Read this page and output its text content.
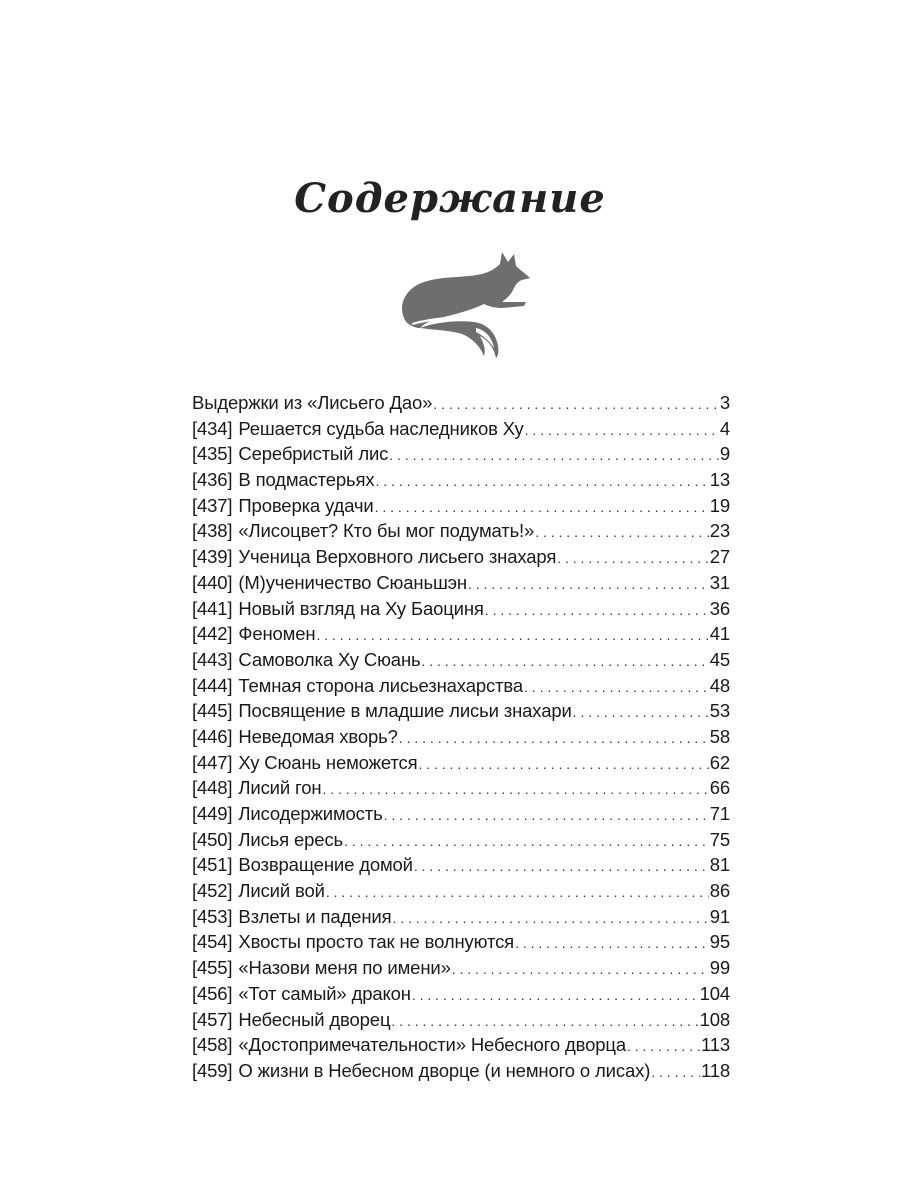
Содержание
Выдержки из «Лисьего Дао» . . .	3
[434] Решается судьба наследников Ху . . .	4
[435] Серебристый лис . . .	9
[436] В подмастерьях . . .	13
[437] Проверка удачи . . .	19
[438] «Лисоцвет? Кто бы мог подумать!» . . .	23
[439] Ученица Верховного лисьего знахаря . . .	27
[440] (М)ученичество Сюаньшэн . . .	31
[441] Новый взгляд на Ху Баоциня . . .	36
[442] Феномен . . .	41
[443] Самоволка Ху Сюань . . .	45
[444] Темная сторона лисьезнахарства . . .	48
[445] Посвящение в младшие лисьи знахари . . .	53
[446] Неведомая хворь? . . .	58
[447] Ху Сюань неможется . . .	62
[448] Лисий гон . . .	66
[449] Лисодержимость . . .	71
[450] Лисья ересь . . .	75
[451] Возвращение домой . . .	81
[452] Лисий вой . . .	86
[453] Взлеты и падения . . .	91
[454] Хвосты просто так не волнуются . . .	95
[455] «Назови меня по имени» . . .	99
[456] «Тот самый» дракон . . .	104
[457] Небесный дворец . . .	108
[458] «Достопримечательности» Небесного дворца . . .	113
[459] О жизни в Небесном дворце (и немного о лисах) . . .	118
